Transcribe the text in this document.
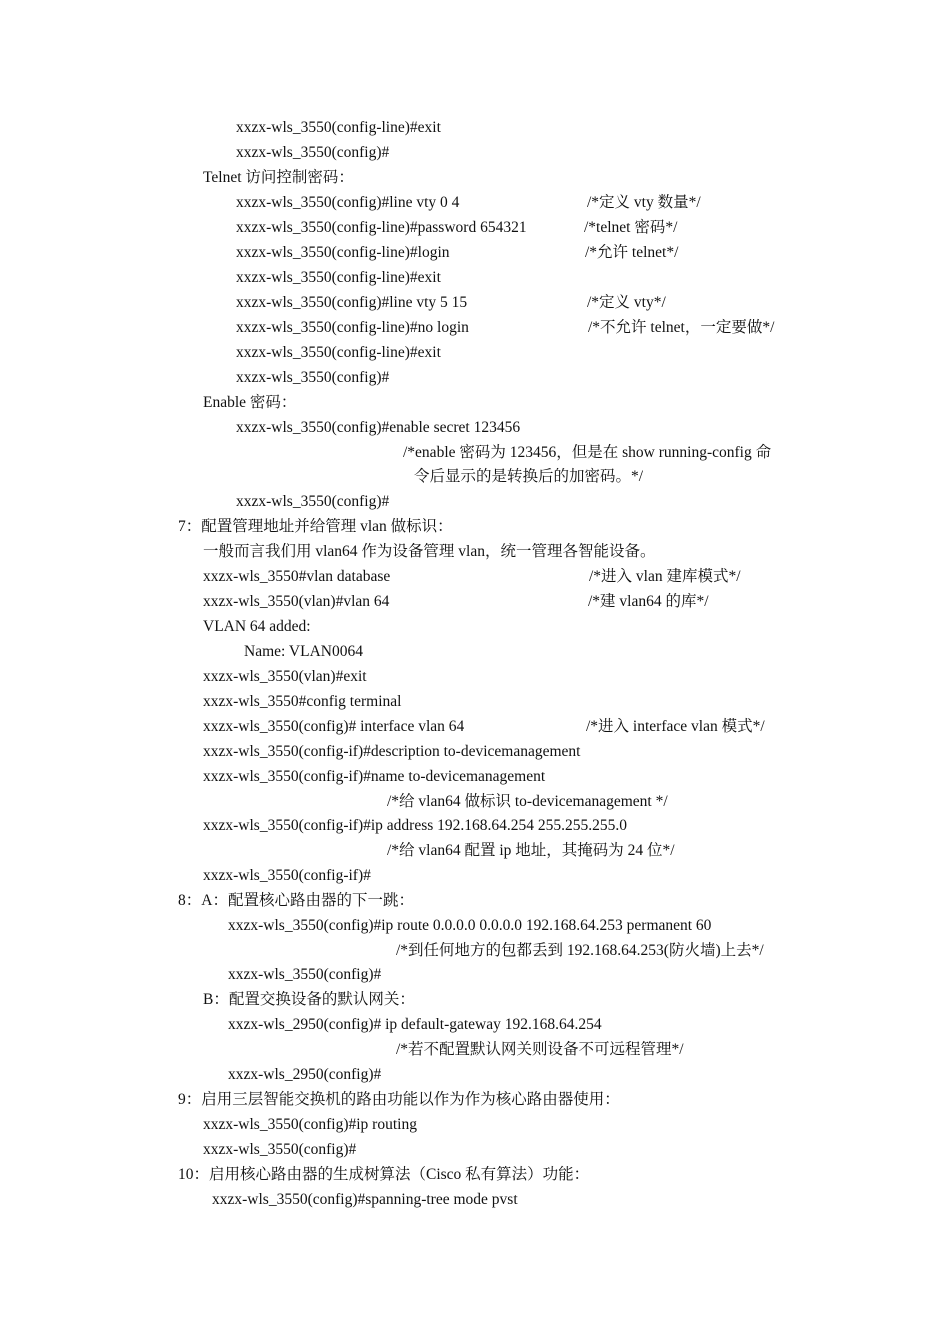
xxzx-wls_3550(config-line)#exit
xxzx-wls_3550(config)#
Telnet 访问控制密码：
xxzx-wls_3550(config)#line vty 0 4	/*定义 vty 数量*/
xxzx-wls_3550(config-line)#password 654321	/*telnet 密码*/
xxzx-wls_3550(config-line)#login	/*允许 telnet*/
xxzx-wls_3550(config-line)#exit
xxzx-wls_3550(config)#line vty 5 15	/*定义 vty*/
xxzx-wls_3550(config-line)#no login	/*不允许 telnet，一定要做*/
xxzx-wls_3550(config-line)#exit
xxzx-wls_3550(config)#
Enable 密码：
xxzx-wls_3550(config)#enable secret 123456
/*enable 密码为 123456，但是在 show running-config 命
令后显示的是转换后的加密码。*/
xxzx-wls_3550(config)#
7：配置管理地址并给管理 vlan 做标识：
一般而言我们用 vlan64 作为设备管理 vlan，统一管理各智能设备。
xxzx-wls_3550#vlan database	/*进入 vlan 建库模式*/
xxzx-wls_3550(vlan)#vlan 64	/*建 vlan64 的库*/
VLAN 64 added:
Name: VLAN0064
xxzx-wls_3550(vlan)#exit
xxzx-wls_3550#config terminal
xxzx-wls_3550(config)# interface vlan 64	/*进入 interface vlan 模式*/
xxzx-wls_3550(config-if)#description to-devicemanagement
xxzx-wls_3550(config-if)#name to-devicemanagement
/*给 vlan64 做标识 to-devicemanagement */
xxzx-wls_3550(config-if)#ip address 192.168.64.254 255.255.255.0
/*给 vlan64 配置 ip 地址，其掩码为 24 位*/
xxzx-wls_3550(config-if)#
8：A：配置核心路由器的下一跳：
xxzx-wls_3550(config)#ip route 0.0.0.0 0.0.0.0 192.168.64.253 permanent 60
/*到任何地方的包都丢到 192.168.64.253(防火墙)上去*/
xxzx-wls_3550(config)#
B：配置交换设备的默认网关：
xxzx-wls_2950(config)# ip default-gateway 192.168.64.254
/*若不配置默认网关则设备不可远程管理*/
xxzx-wls_2950(config)#
9：启用三层智能交换机的路由功能以作为作为核心路由器使用：
xxzx-wls_3550(config)#ip routing
xxzx-wls_3550(config)#
10：启用核心路由器的生成树算法（Cisco 私有算法）功能：
xxzx-wls_3550(config)#spanning-tree mode pvst
